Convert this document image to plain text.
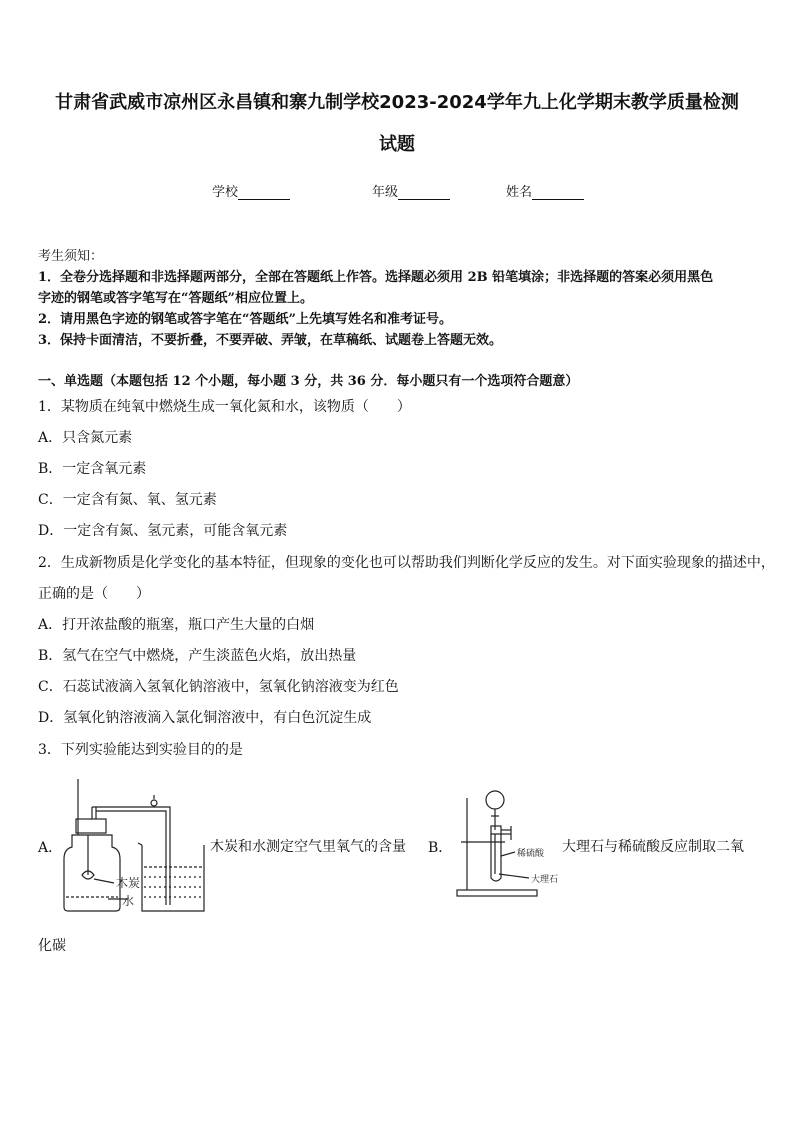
甘肃省武威市凉州区永昌镇和寨九制学校2023-2024学年九上化学期末教学质量检测
试题
学校	年级	姓名
考生须知：
1．全卷分选择题和非选择题两部分，全部在答题纸上作答。选择题必须用 2B 铅笔填涂；非选择题的答案必须用黑色
字迹的钢笔或答字笔写在“答题纸”相应位置上。
2．请用黑色字迹的钢笔或答字笔在“答题纸”上先填写姓名和准考证号。
3．保持卡面清洁，不要折叠，不要弄破、弄皱，在草稿纸、试题卷上答题无效。
一、单选题（本题包括 12 个小题，每小题 3 分，共 36 分．每小题只有一个选项符合题意）
1．某物质在纯氧中燃烧生成一氧化氮和水，该物质（　　）
A．只含氮元素
B．一定含氧元素
C．一定含有氮、氧、氢元素
D．一定含有氮、氢元素，可能含氧元素
2．生成新物质是化学变化的基本特征，但现象的变化也可以帮助我们判断化学反应的发生。对下面实验现象的描述中，
正确的是（　　）
A．打开浓盐酸的瓶塞，瓶口产生大量的白烟
B．氢气在空气中燃烧，产生淡蓝色火焰，放出热量
C．石蕊试液滴入氢氧化钠溶液中，氢氧化钠溶液变为红色
D．氢氧化钠溶液滴入氯化铜溶液中，有白色沉淀生成
3．下列实验能达到实验目的的是
A．
木炭
水
木炭和水测定空气里氧气的含量 B．	稀硫酸
大理石
大理石与稀硫酸反应制取二氧
化碳
